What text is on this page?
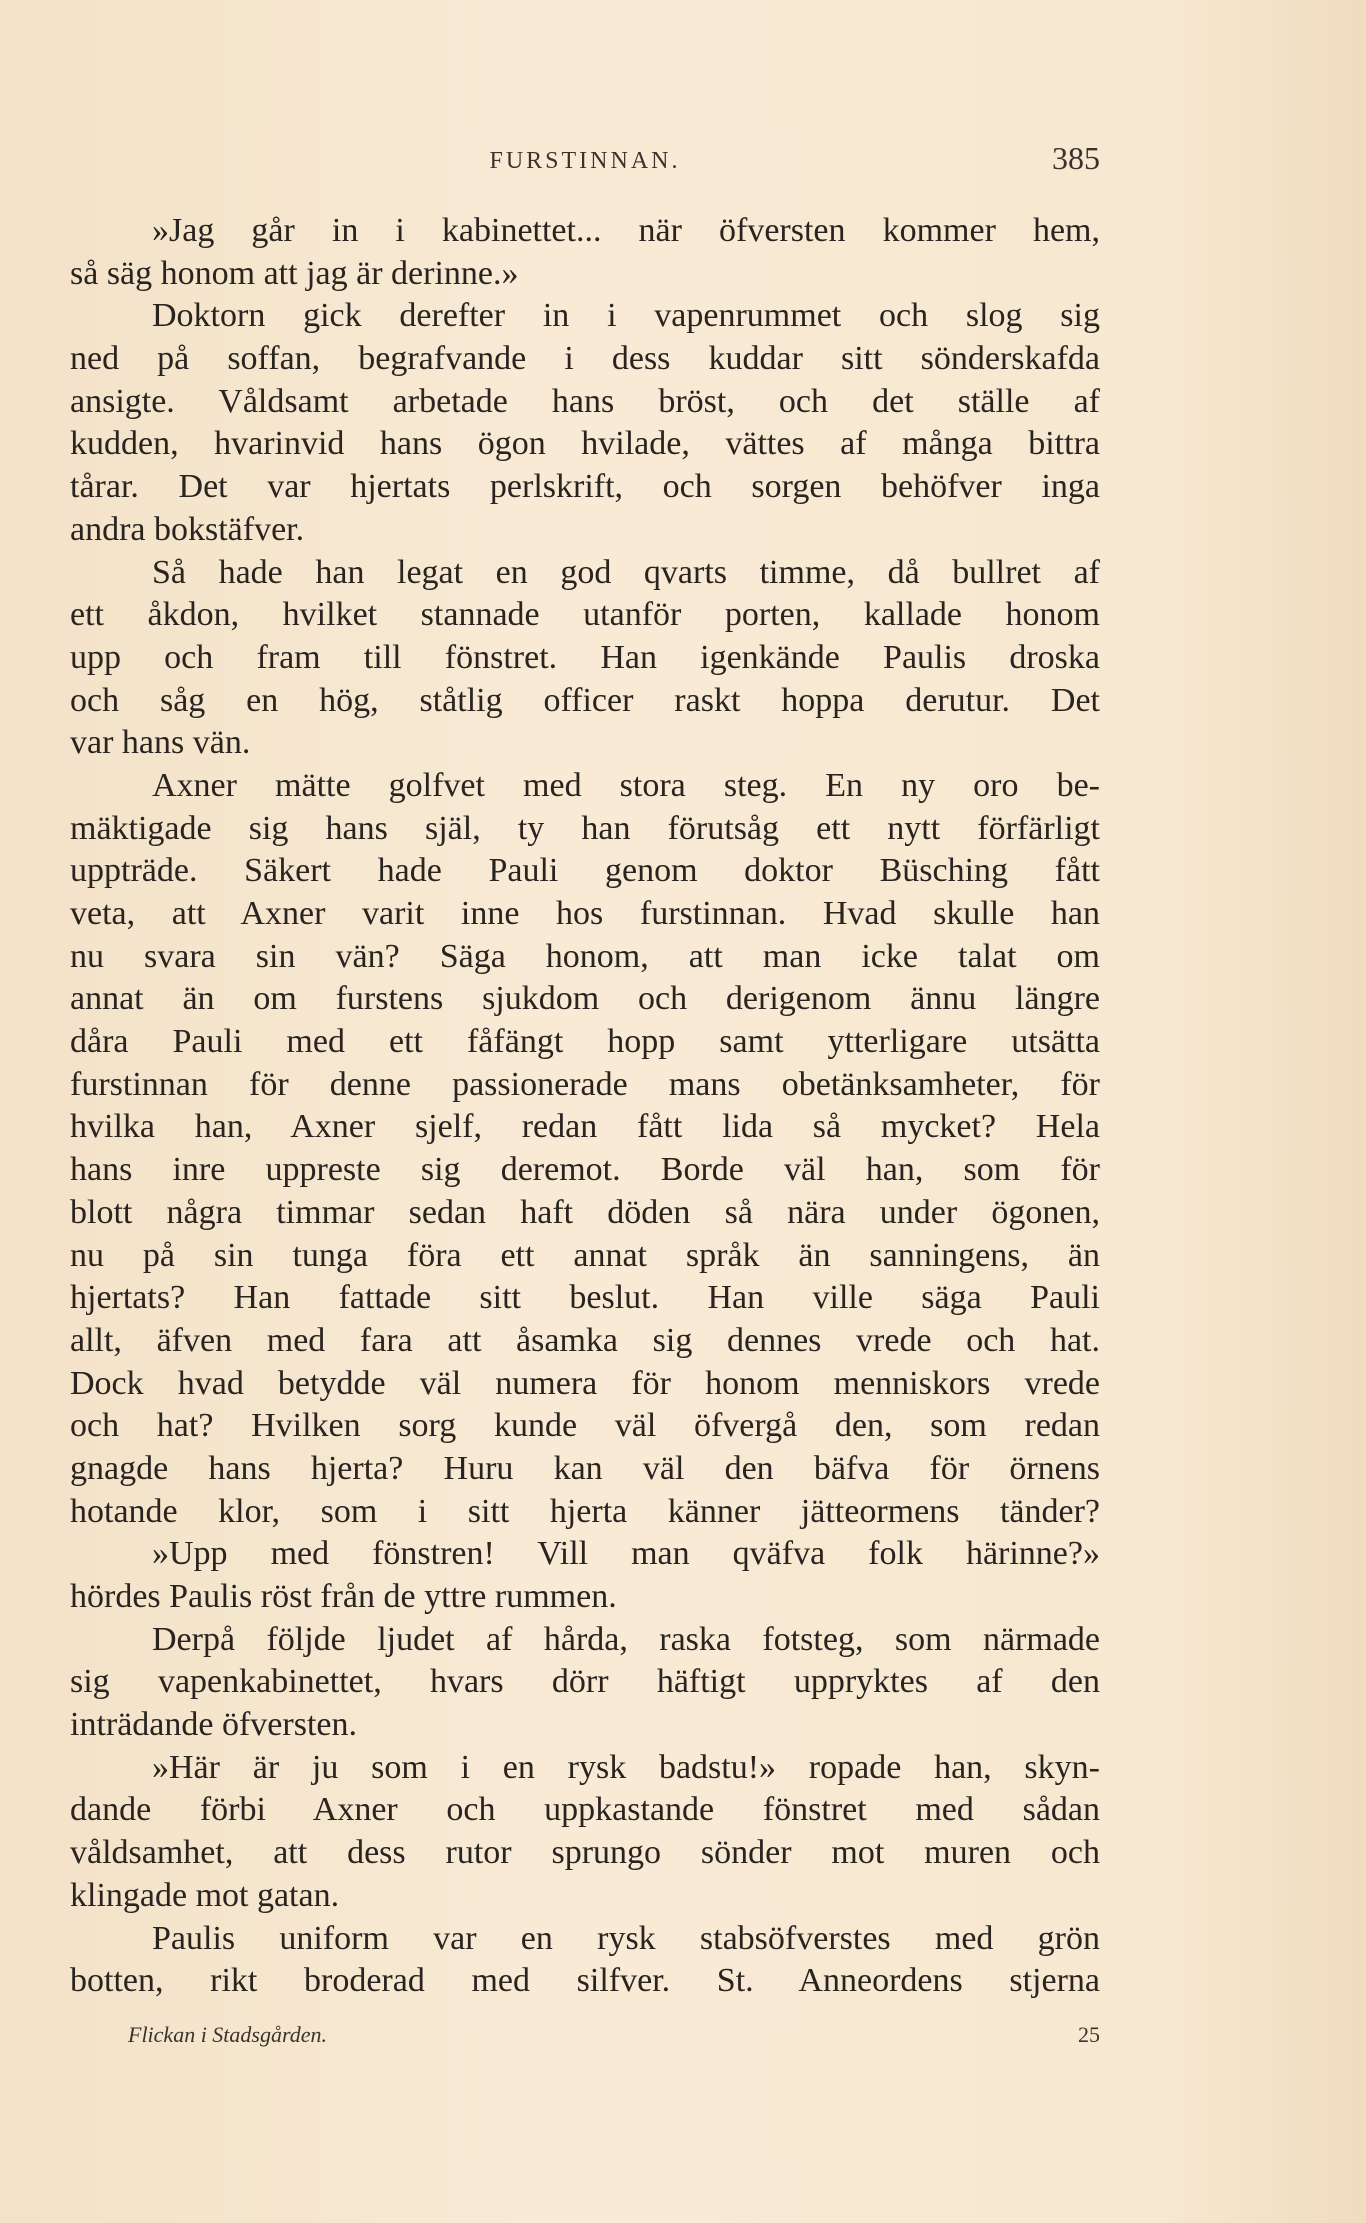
FURSTINNAN.	385
»Jag går in i kabinettet... när öfversten kommer hem,
så säg honom att jag är derinne.»
Doktorn gick derefter in i vapenrummet och slog sig
ned på soffan, begrafvande i dess kuddar sitt sönderskafda
ansigte. Våldsamt arbetade hans bröst, och det ställe af
kudden, hvarinvid hans ögon hvilade, vättes af många bittra
tårar. Det var hjertats perlskrift, och sorgen behöfver inga
andra bokstäfver.
Så hade han legat en god qvarts timme, då bullret af
ett åkdon, hvilket stannade utanför porten, kallade honom
upp och fram till fönstret. Han igenkände Paulis droska
och såg en hög, ståtlig officer raskt hoppa derutur. Det
var hans vän.
Axner mätte golfvet med stora steg. En ny oro be-
mäktigade sig hans själ, ty han förutsåg ett nytt förfärligt
uppträde. Säkert hade Pauli genom doktor Büsching fått
veta, att Axner varit inne hos furstinnan. Hvad skulle han
nu svara sin vän? Säga honom, att man icke talat om
annat än om furstens sjukdom och derigenom ännu längre
dåra Pauli med ett fåfängt hopp samt ytterligare utsätta
furstinnan för denne passionerade mans obetänksamheter, för
hvilka han, Axner sjelf, redan fått lida så mycket? Hela
hans inre uppreste sig deremot. Borde väl han, som för
blott några timmar sedan haft döden så nära under ögonen,
nu på sin tunga föra ett annat språk än sanningens, än
hjertats? Han fattade sitt beslut. Han ville säga Pauli
allt, äfven med fara att åsamka sig dennes vrede och hat.
Dock hvad betydde väl numera för honom menniskors vrede
och hat? Hvilken sorg kunde väl öfvergå den, som redan
gnagde hans hjerta? Huru kan väl den bäfva för örnens
hotande klor, som i sitt hjerta känner jätteormens tänder?
»Upp med fönstren! Vill man qväfva folk härinne?»
hördes Paulis röst från de yttre rummen.
Derpå följde ljudet af hårda, raska fotsteg, som närmade
sig vapenkabinettet, hvars dörr häftigt uppryktes af den
inträdande öfversten.
»Här är ju som i en rysk badstu!» ropade han, skyn-
dande förbi Axner och uppkastande fönstret med sådan
våldsamhet, att dess rutor sprungo sönder mot muren och
klingade mot gatan.
Paulis uniform var en rysk stabsöfverstes med grön
botten, rikt broderad med silfver. St. Anneordens stjerna
Flickan i Stadsgården.	25
